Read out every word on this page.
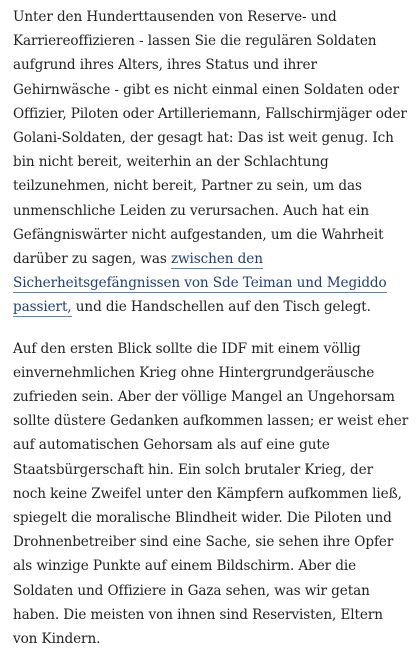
Unter den Hunderttausenden von Reserve- und Karriereoffizieren - lassen Sie die regulären Soldaten aufgrund ihres Alters, ihres Status und ihrer Gehirnwäsche - gibt es nicht einmal einen Soldaten oder Offizier, Piloten oder Artilleriemann, Fallschirmjäger oder Golani-Soldaten, der gesagt hat: Das ist weit genug. Ich bin nicht bereit, weiterhin an der Schlachtung teilzunehmen, nicht bereit, Partner zu sein, um das unmenschliche Leiden zu verursachen. Auch hat ein Gefängniswärter nicht aufgestanden, um die Wahrheit darüber zu sagen, was zwischen den Sicherheitsgefängnissen von Sde Teiman und Megiddo passiert, und die Handschellen auf den Tisch gelegt.

Auf den ersten Blick sollte die IDF mit einem völlig einvernehmlichen Krieg ohne Hintergrundgeräusche zufrieden sein. Aber der völlige Mangel an Ungehorsam sollte düstere Gedanken aufkommen lassen; er weist eher auf automatischen Gehorsam als auf eine gute Staatsbürgerschaft hin. Ein solch brutaler Krieg, der noch keine Zweifel unter den Kämpfern aufkommen ließ, spiegelt die moralische Blindheit wider. Die Piloten und Drohnenbetreiber sind eine Sache, sie sehen ihre Opfer als winzige Punkte auf einem Bildschirm. Aber die Soldaten und Offiziere in Gaza sehen, was wir getan haben. Die meisten von ihnen sind Reservisten, Eltern von Kindern.
